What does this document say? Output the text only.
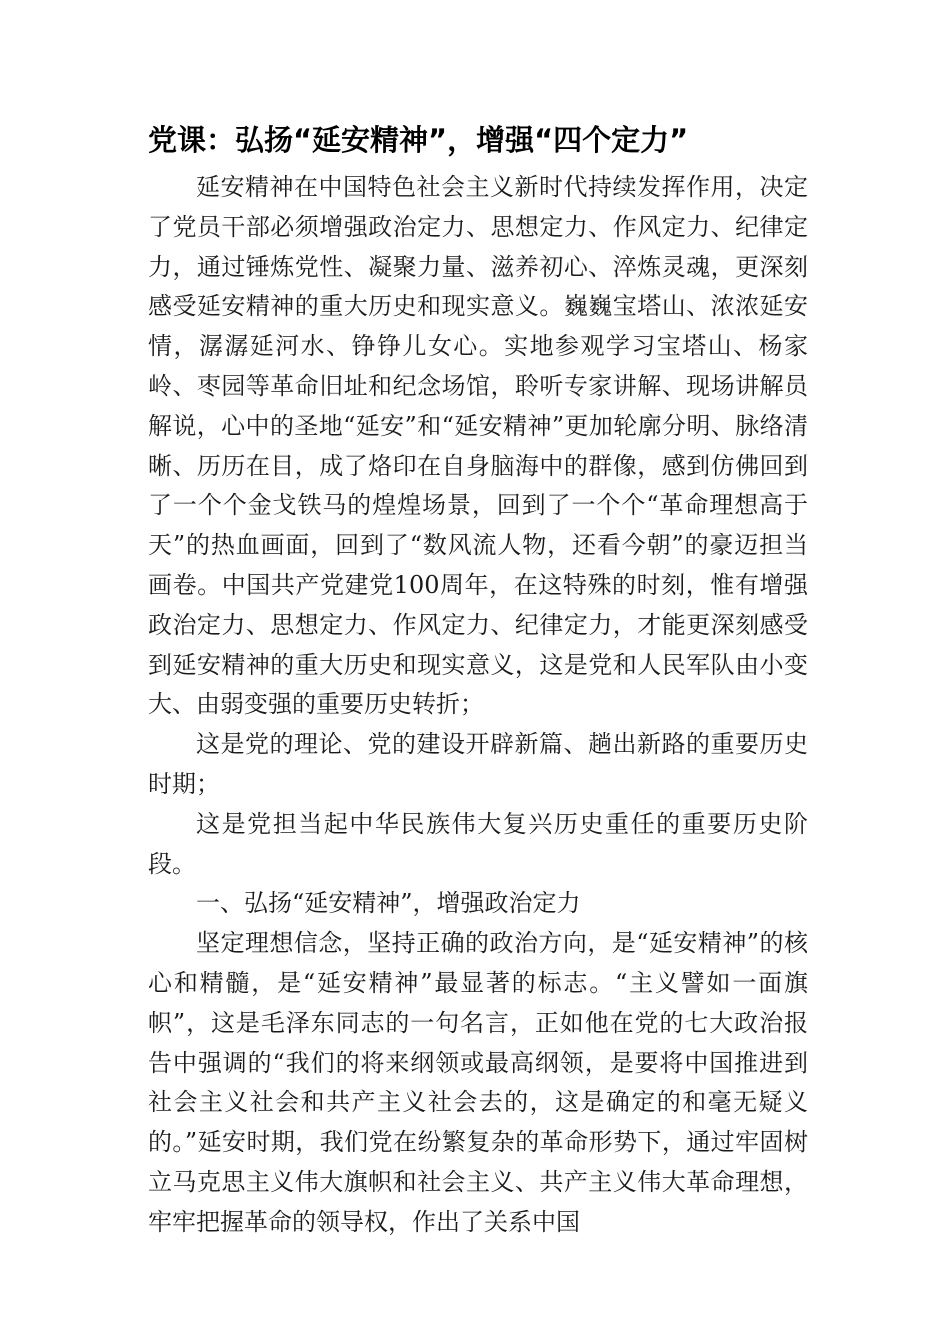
党课：弘扬“延安精神”，增强“四个定力”

延安精神在中国特色社会主义新时代持续发挥作用，决定了党员干部必须增强政治定力、思想定力、作风定力、纪律定力，通过锤炼党性、凝聚力量、滋养初心、淬炼灵魂，更深刻感受延安精神的重大历史和现实意义。巍巍宝塔山、浓浓延安情，潺潺延河水、铮铮儿女心。实地参观学习宝塔山、杨家岭、枣园等革命旧址和纪念场馆，聆听专家讲解、现场讲解员解说，心中的圣地“延安”和“延安精神”更加轮廓分明、脉络清晰、历历在目，成了烙印在自身脑海中的群像，感到仿佛回到了一个个金戈铁马的煌煌场景，回到了一个个“革命理想高于天”的热血画面，回到了“数风流人物，还看今朝”的豪迈担当画卷。中国共产党建党100周年，在这特殊的时刻，惟有增强政治定力、思想定力、作风定力、纪律定力，才能更深刻感受到延安精神的重大历史和现实意义，这是党和人民军队由小变大、由弱变强的重要历史转折；

这是党的理论、党的建设开辟新篇、趟出新路的重要历史时期；

这是党担当起中华民族伟大复兴历史重任的重要历史阶段。

一、弘扬“延安精神”，增强政治定力

坚定理想信念，坚持正确的政治方向，是“延安精神”的核心和精髓，是“延安精神”最显著的标志。“主义譬如一面旗帜”，这是毛泽东同志的一句名言，正如他在党的七大政治报告中强调的“我们的将来纲领或最高纲领，是要将中国推进到社会主义社会和共产主义社会去的，这是确定的和毫无疑义的。”延安时期，我们党在纷繁复杂的革命形势下，通过牢固树立马克思主义伟大旗帜和社会主义、共产主义伟大革命理想，牢牢把握革命的领导权，作出了关系中国
